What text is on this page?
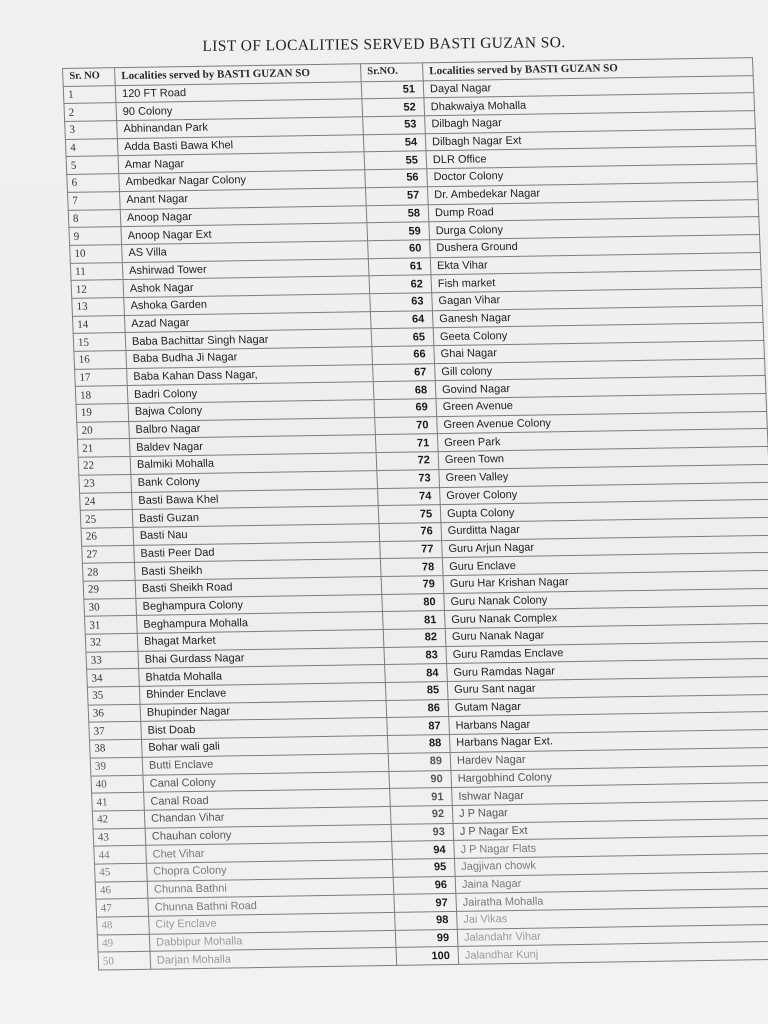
LIST OF LOCALITIES SERVED BASTI GUZAN SO.
Sr. NO	Localities served by BASTI GUZAN SO	Sr.NO.	Localities served by BASTI GUZAN SO
1	120 FT Road	51	Dayal Nagar
2	90 Colony	52	Dhakwaiya Mohalla
3	Abhinandan Park	53	Dilbagh Nagar
4	Adda Basti Bawa Khel	54	Dilbagh Nagar Ext
5	Amar Nagar	55	DLR Office
6	Ambedkar Nagar Colony	56	Doctor Colony
7	Anant Nagar	57	Dr. Ambedekar Nagar
8	Anoop Nagar	58	Dump Road
9	Anoop Nagar Ext	59	Durga Colony
10	AS Villa	60	Dushera Ground
11	Ashirwad Tower	61	Ekta Vihar
12	Ashok Nagar	62	Fish market
13	Ashoka Garden	63	Gagan Vihar
14	Azad Nagar	64	Ganesh Nagar
15	Baba Bachittar Singh Nagar	65	Geeta Colony
16	Baba Budha Ji Nagar	66	Ghai Nagar
17	Baba Kahan Dass Nagar,	67	Gill colony
18	Badri Colony	68	Govind Nagar
19	Bajwa Colony	69	Green Avenue
20	Balbro Nagar	70	Green Avenue Colony
21	Baldev Nagar	71	Green Park
22	Balmiki Mohalla	72	Green Town
23	Bank Colony	73	Green Valley
24	Basti Bawa Khel	74	Grover Colony
25	Basti Guzan	75	Gupta Colony
26	Basti Nau	76	Gurditta Nagar
27	Basti Peer Dad	77	Guru Arjun Nagar
28	Basti Sheikh	78	Guru Enclave
29	Basti Sheikh Road	79	Guru Har Krishan Nagar
30	Beghampura Colony	80	Guru Nanak Colony
31	Beghampura Mohalla	81	Guru Nanak Complex
32	Bhagat Market	82	Guru Nanak Nagar
33	Bhai Gurdass Nagar	83	Guru Ramdas Enclave
34	Bhatda Mohalla	84	Guru Ramdas Nagar
35	Bhinder Enclave	85	Guru Sant nagar
36	Bhupinder Nagar	86	Gutam Nagar
37	Bist Doab	87	Harbans Nagar
38	Bohar wali gali	88	Harbans Nagar Ext.
39	Butti Enclave	89	Hardev Nagar
40	Canal Colony	90	Hargobhind Colony
41	Canal Road	91	Ishwar Nagar
42	Chandan Vihar	92	J P Nagar
43	Chauhan colony	93	J P Nagar Ext
44	Chet Vihar	94	J P Nagar Flats
45	Chopra Colony	95	Jagjivan chowk
46	Chunna Bathni	96	Jaina Nagar
47	Chunna Bathni Road	97	Jairatha Mohalla
48	City Enclave	98	Jai Vikas
49	Dabbipur Mohalla	99	Jalandahr Vihar
50	Darjan Mohalla	100	Jalandhar Kunj
